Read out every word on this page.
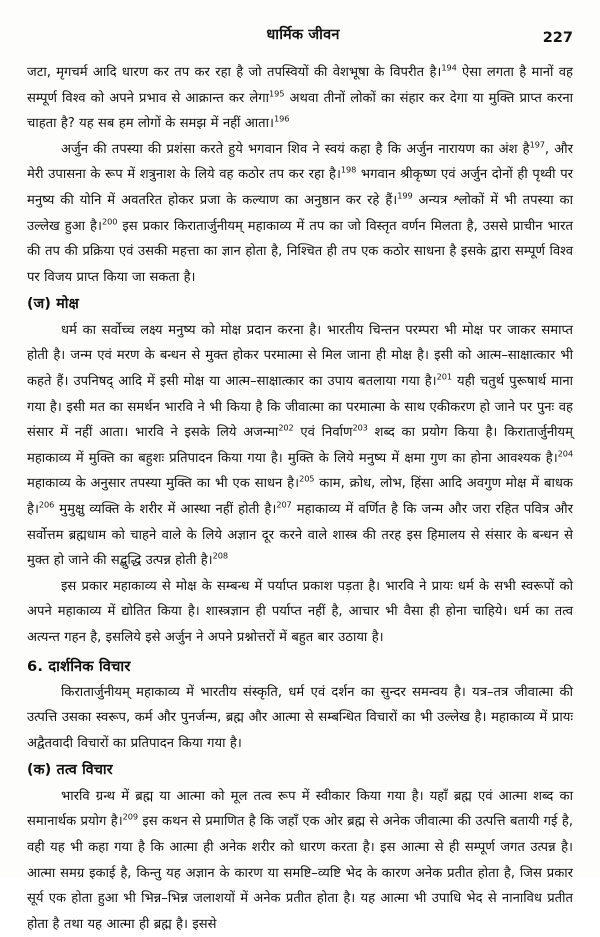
धार्मिक जीवन	227

जटा, मृगचर्म आदि धारण कर तप कर रहा है जो तपस्वियों की वेशभूषा के विपरीत है।$^{194}$ ऐसा लगता है मानों वह सम्पूर्ण विश्व को अपने प्रभाव से आक्रान्त कर लेगा$^{195}$ अथवा तीनों लोकों का संहार कर देगा या मुक्ति प्राप्त करना चाहता है? यह सब हम लोगों के समझ में नहीं आता।$^{196}$

अर्जुन की तपस्या की प्रशंसा करते हुये भगवान शिव ने स्वयं कहा है कि अर्जुन नारायण का अंश है$^{197}$, और मेरी उपासना के रूप में शत्रुनाश के लिये वह कठोर तप कर रहा है।$^{198}$ भगवान श्रीकृष्ण एवं अर्जुन दोनों ही पृथ्वी पर मनुष्य की योनि में अवतरित होकर प्रजा के कल्याण का अनुष्ठान कर रहे हैं।$^{199}$ अन्यत्र श्लोकों में भी तपस्या का उल्लेख हुआ है।$^{200}$ इस प्रकार किरातार्जुनीयम् महाकाव्य में तप का जो विस्तृत वर्णन मिलता है, उससे प्राचीन भारत की तप की प्रक्रिया एवं उसकी महत्ता का ज्ञान होता है, निश्चित ही तप एक कठोर साधना है इसके द्वारा सम्पूर्ण विश्व पर विजय प्राप्त किया जा सकता है।

(ज) मोक्ष

धर्म का सर्वोच्च लक्ष्य मनुष्य को मोक्ष प्रदान करना है। भारतीय चिन्तन परम्परा भी मोक्ष पर जाकर समाप्त होती है। जन्म एवं मरण के बन्धन से मुक्त होकर परमात्मा से मिल जाना ही मोक्ष है। इसी को आत्म–साक्षात्कार भी कहते हैं। उपनिषद् आदि में इसी मोक्ष या आत्म–साक्षात्कार का उपाय बतलाया गया है।$^{201}$ यही चतुर्थ पुरूषार्थ माना गया है। इसी मत का समर्थन भारवि ने भी किया है कि जीवात्मा का परमात्मा के साथ एकीकरण हो जाने पर पुनः वह संसार में नहीं आता। भारवि ने इसके लिये अजन्मा$^{202}$ एवं निर्वाण$^{203}$ शब्द का प्रयोग किया है। किरातार्जुनीयम् महाकाव्य में मुक्ति का बहुशः प्रतिपादन किया गया है। मुक्ति के लिये मनुष्य में क्षमा गुण का होना आवश्यक है।$^{204}$ महाकाव्य के अनुसार तपस्या मुक्ति का भी एक साधन है।$^{205}$ काम, क्रोध, लोभ, हिंसा आदि अवगुण मोक्ष में बाधक है।$^{206}$ मुमुक्षु व्यक्ति के शरीर में आस्था नहीं होती है।$^{207}$ महाकाव्य में वर्णित है कि जन्म और जरा रहित पवित्र और सर्वोत्तम ब्रह्मधाम को चाहने वाले के लिये अज्ञान दूर करने वाले शास्त्र की तरह इस हिमालय से संसार के बन्धन से मुक्त हो जाने की सद्बुद्धि उत्पन्न होती है।$^{208}$

इस प्रकार महाकाव्य से मोक्ष के सम्बन्ध में पर्याप्त प्रकाश पड़ता है। भारवि ने प्रायः धर्म के सभी स्वरूपों को अपने महाकाव्य में द्योतित किया है। शास्त्रज्ञान ही पर्याप्त नहीं है, आचार भी वैसा ही होना चाहिये। धर्म का तत्व अत्यन्त गहन है, इसलिये इसे अर्जुन ने अपने प्रश्नोत्तरों में बहुत बार उठाया है।

6. दार्शनिक विचार

किरातार्जुनीयम् महाकाव्य में भारतीय संस्कृति, धर्म एवं दर्शन का सुन्दर समन्वय है। यत्र–तत्र जीवात्मा की उत्पत्ति उसका स्वरूप, कर्म और पुनर्जन्म, ब्रह्म और आत्मा से सम्बन्धित विचारों का भी उल्लेख है। महाकाव्य में प्रायः अद्वैतवादी विचारों का प्रतिपादन किया गया है।

(क) तत्व विचार

भारवि ग्रन्थ में ब्रह्म या आत्मा को मूल तत्व रूप में स्वीकार किया गया है। यहाँ ब्रह्म एवं आत्मा शब्द का समानार्थक प्रयोग है।$^{209}$ इस कथन से प्रमाणित है कि जहाँ एक ओर ब्रह्म से अनेक जीवात्मा की उत्पत्ति बतायी गई है, वही यह भी कहा गया है कि आत्मा ही अनेक शरीर को धारण करता है। इस आत्मा से ही सम्पूर्ण जगत उत्पन्न है। आत्मा समग्र इकाई है, किन्तु यह अज्ञान के कारण या समष्टि–व्यष्टि भेद के कारण अनेक प्रतीत होता है, जिस प्रकार सूर्य एक होता हुआ भी भिन्न–भिन्न जलाशयों में अनेक प्रतीत होता है। यह आत्मा भी उपाधि भेद से नानाविध प्रतीत होता है तथा यह आत्मा ही ब्रह्म है। इससे
